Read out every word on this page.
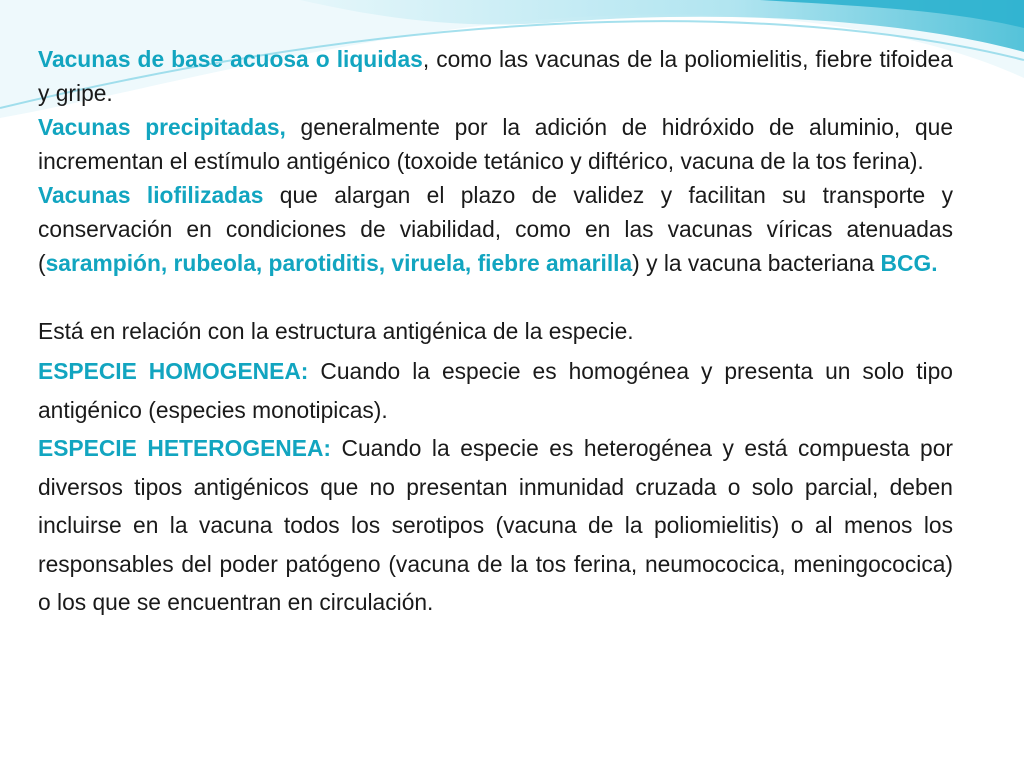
Vacunas de base acuosa o liquidas, como las vacunas de la poliomielitis, fiebre tifoidea y gripe.

Vacunas precipitadas, generalmente por la adición de hidróxido de aluminio, que incrementan el estímulo antigénico (toxoide tetánico y diftérico, vacuna de la tos ferina).

Vacunas liofilizadas que alargan el plazo de validez y facilitan su transporte y conservación en condiciones de viabilidad, como en las vacunas víricas atenuadas (sarampión, rubeola, parotiditis, viruela, fiebre amarilla) y la vacuna bacteriana BCG.

Está en relación con la estructura antigénica de la especie.

ESPECIE HOMOGENEA: Cuando la especie es homogénea y presenta un solo tipo antigénico (especies monotipicas).

ESPECIE HETEROGENEA: Cuando la especie es heterogénea y está compuesta por diversos tipos antigénicos que no presentan inmunidad cruzada o solo parcial, deben incluirse en la vacuna todos los serotipos (vacuna de la poliomielitis) o al menos los responsables del poder patógeno (vacuna de la tos ferina, neumococica, meningococica) o los que se encuentran en circulación.
